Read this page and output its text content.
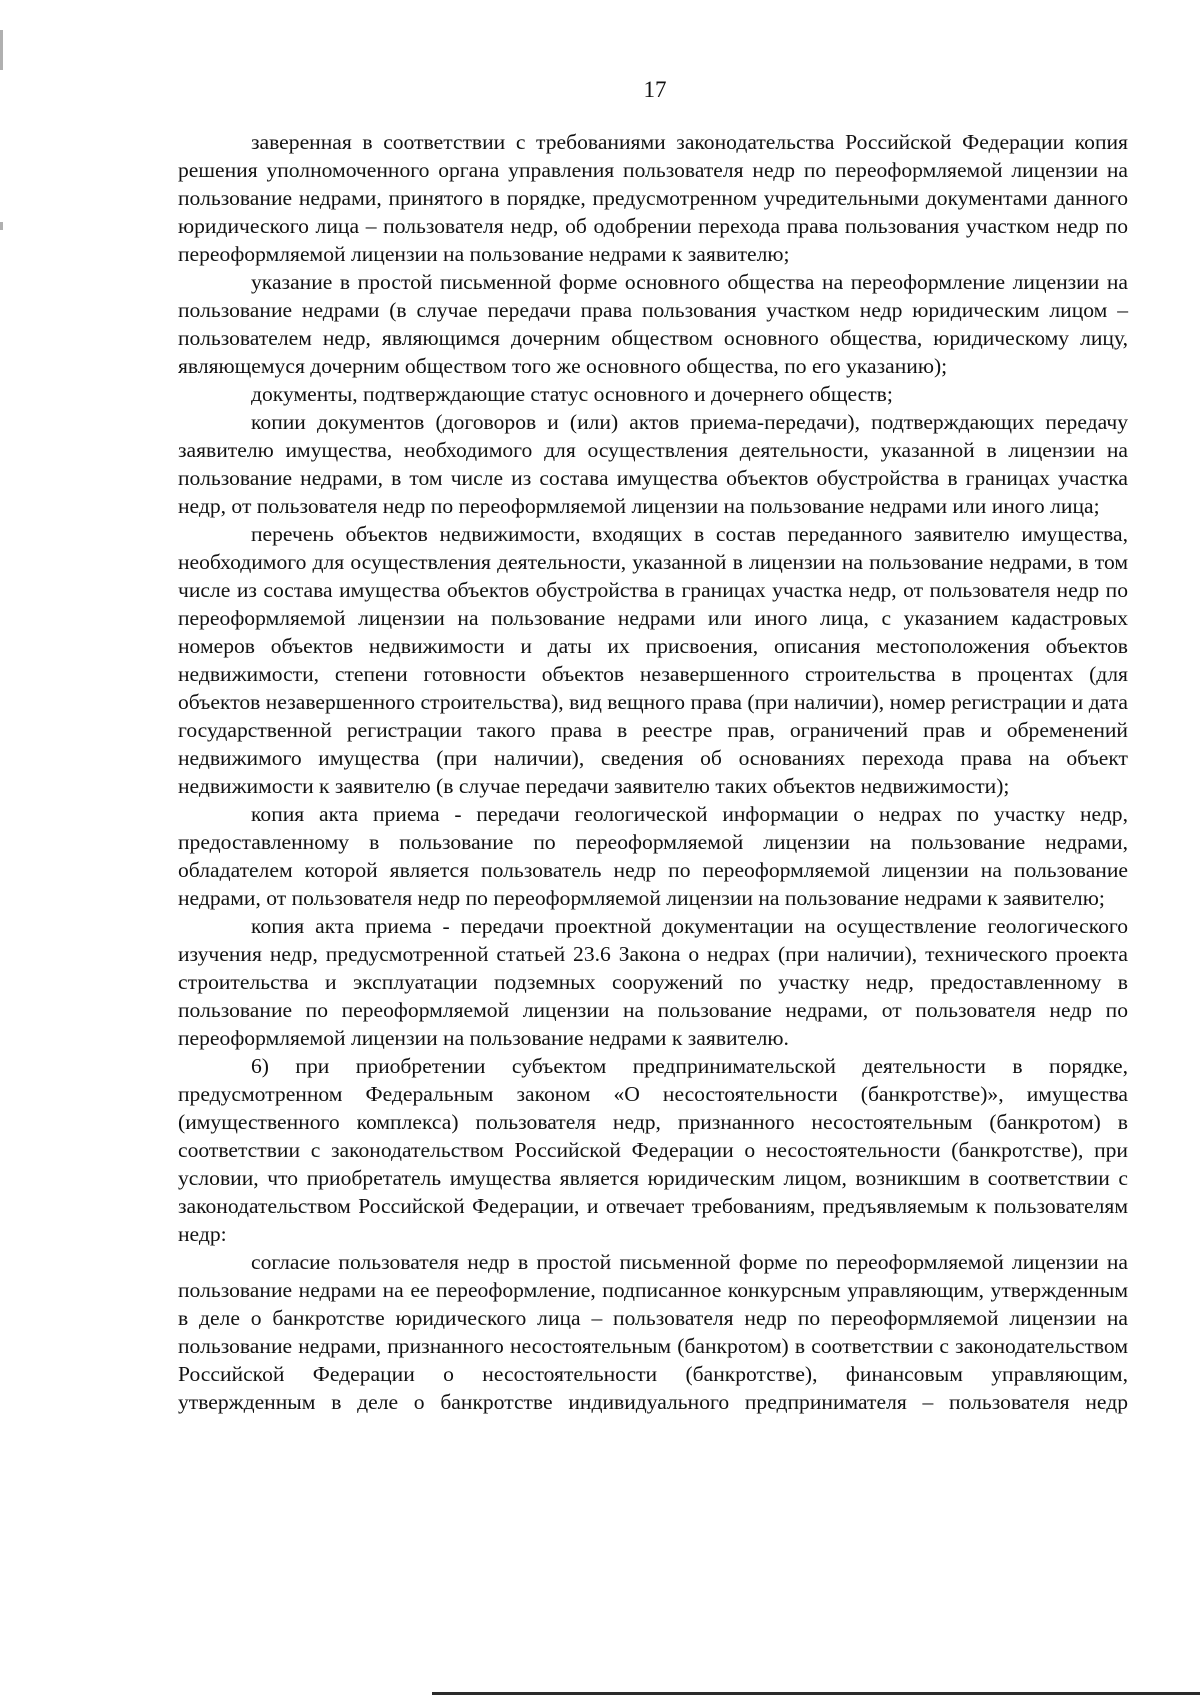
17

заверенная в соответствии с требованиями законодательства Российской Федерации копия решения уполномоченного органа управления пользователя недр по переоформляемой лицензии на пользование недрами, принятого в порядке, предусмотренном учредительными документами данного юридического лица – пользователя недр, об одобрении перехода права пользования участком недр по переоформляемой лицензии на пользование недрами к заявителю;

указание в простой письменной форме основного общества на переоформление лицензии на пользование недрами (в случае передачи права пользования участком недр юридическим лицом – пользователем недр, являющимся дочерним обществом основного общества, юридическому лицу, являющемуся дочерним обществом того же основного общества, по его указанию);

документы, подтверждающие статус основного и дочернего обществ;

копии документов (договоров и (или) актов приема-передачи), подтверждающих передачу заявителю имущества, необходимого для осуществления деятельности, указанной в лицензии на пользование недрами, в том числе из состава имущества объектов обустройства в границах участка недр, от пользователя недр по переоформляемой лицензии на пользование недрами или иного лица;

перечень объектов недвижимости, входящих в состав переданного заявителю имущества, необходимого для осуществления деятельности, указанной в лицензии на пользование недрами, в том числе из состава имущества объектов обустройства в границах участка недр, от пользователя недр по переоформляемой лицензии на пользование недрами или иного лица, с указанием кадастровых номеров объектов недвижимости и даты их присвоения, описания местоположения объектов недвижимости, степени готовности объектов незавершенного строительства в процентах (для объектов незавершенного строительства), вид вещного права (при наличии), номер регистрации и дата государственной регистрации такого права в реестре прав, ограничений прав и обременений недвижимого имущества (при наличии), сведения об основаниях перехода права на объект недвижимости к заявителю (в случае передачи заявителю таких объектов недвижимости);

копия акта приема - передачи геологической информации о недрах по участку недр, предоставленному в пользование по переоформляемой лицензии на пользование недрами, обладателем которой является пользователь недр по переоформляемой лицензии на пользование недрами, от пользователя недр по переоформляемой лицензии на пользование недрами к заявителю;

копия акта приема - передачи проектной документации на осуществление геологического изучения недр, предусмотренной статьей 23.6 Закона о недрах (при наличии), технического проекта строительства и эксплуатации подземных сооружений по участку недр, предоставленному в пользование по переоформляемой лицензии на пользование недрами, от пользователя недр по переоформляемой лицензии на пользование недрами к заявителю.

6) при приобретении субъектом предпринимательской деятельности в порядке, предусмотренном Федеральным законом «О несостоятельности (банкротстве)», имущества (имущественного комплекса) пользователя недр, признанного несостоятельным (банкротом) в соответствии с законодательством Российской Федерации о несостоятельности (банкротстве), при условии, что приобретатель имущества является юридическим лицом, возникшим в соответствии с законодательством Российской Федерации, и отвечает требованиям, предъявляемым к пользователям недр:

согласие пользователя недр в простой письменной форме по переоформляемой лицензии на пользование недрами на ее переоформление, подписанное конкурсным управляющим, утвержденным в деле о банкротстве юридического лица – пользователя недр по переоформляемой лицензии на пользование недрами, признанного несостоятельным (банкротом) в соответствии с законодательством Российской Федерации о несостоятельности (банкротстве), финансовым управляющим, утвержденным в деле о банкротстве индивидуального предпринимателя – пользователя недр
